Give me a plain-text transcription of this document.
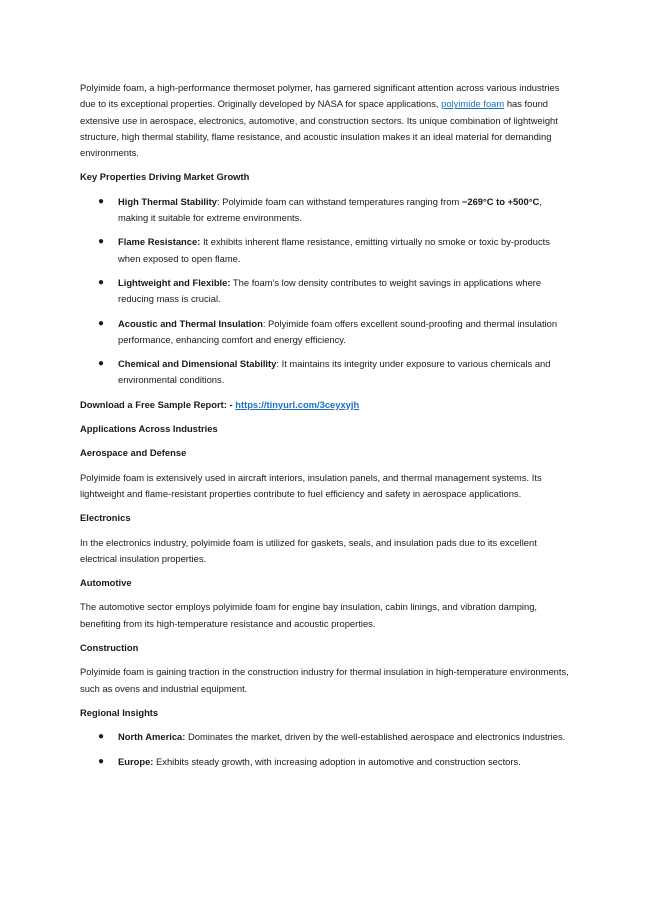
Polyimide foam, a high-performance thermoset polymer, has garnered significant attention across various industries due to its exceptional properties. Originally developed by NASA for space applications, polyimide foam has found extensive use in aerospace, electronics, automotive, and construction sectors. Its unique combination of lightweight structure, high thermal stability, flame resistance, and acoustic insulation makes it an ideal material for demanding environments.

Key Properties Driving Market Growth
● High Thermal Stability: Polyimide foam can withstand temperatures ranging from −269°C to +500°C, making it suitable for extreme environments.
● Flame Resistance: It exhibits inherent flame resistance, emitting virtually no smoke or toxic by-products when exposed to open flame.
● Lightweight and Flexible: The foam's low density contributes to weight savings in applications where reducing mass is crucial.
● Acoustic and Thermal Insulation: Polyimide foam offers excellent sound-proofing and thermal insulation performance, enhancing comfort and energy efficiency.
● Chemical and Dimensional Stability: It maintains its integrity under exposure to various chemicals and environmental conditions.

Download a Free Sample Report: - https://tinyurl.com/3ceyxyjh

Applications Across Industries
Aerospace and Defense

Polyimide foam is extensively used in aircraft interiors, insulation panels, and thermal management systems. Its lightweight and flame-resistant properties contribute to fuel efficiency and safety in aerospace applications.

Electronics

In the electronics industry, polyimide foam is utilized for gaskets, seals, and insulation pads due to its excellent electrical insulation properties.

Automotive

The automotive sector employs polyimide foam for engine bay insulation, cabin linings, and vibration damping, benefiting from its high-temperature resistance and acoustic properties.

Construction

Polyimide foam is gaining traction in the construction industry for thermal insulation in high-temperature environments, such as ovens and industrial equipment.

Regional Insights
● North America: Dominates the market, driven by the well-established aerospace and electronics industries.
● Europe: Exhibits steady growth, with increasing adoption in automotive and construction sectors.
